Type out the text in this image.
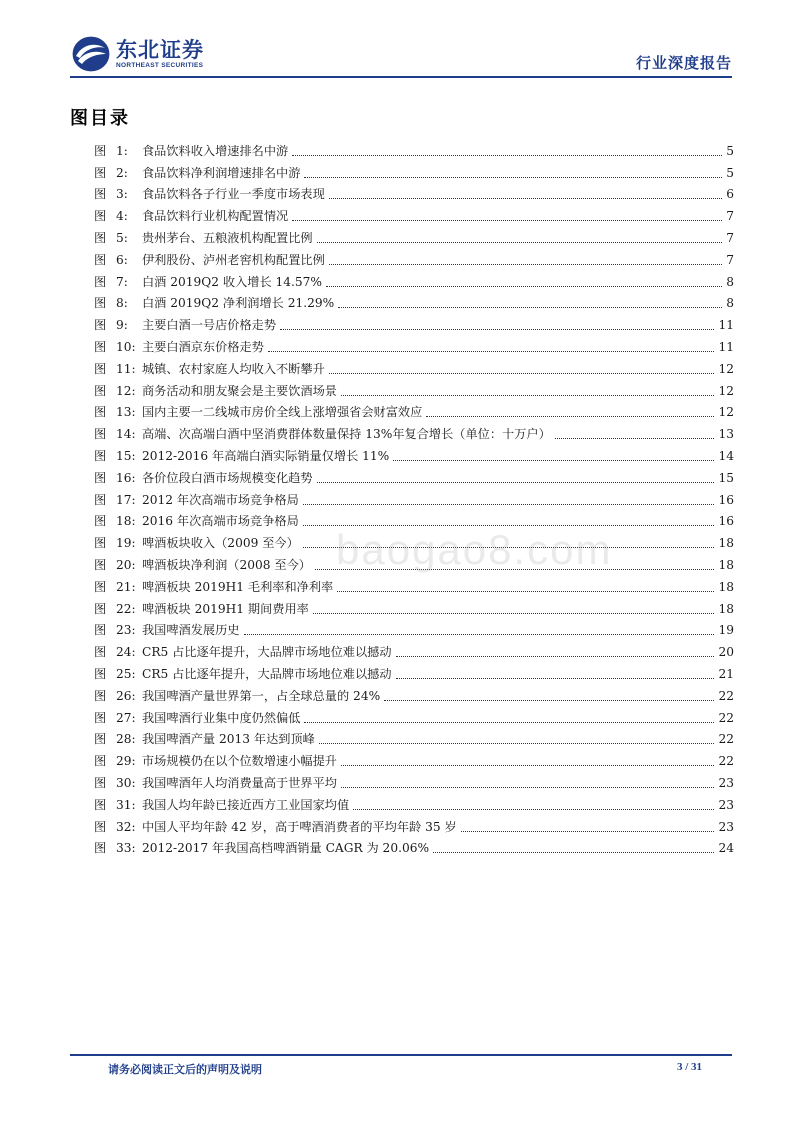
东北证券
NORTHEAST SECURITIES	行业深度报告
图目录
图 1: 食品饮料收入增速排名中游	5
图 2: 食品饮料净利润增速排名中游	5
图 3: 食品饮料各子行业一季度市场表现	6
图 4: 食品饮料行业机构配置情况	7
图 5: 贵州茅台、五粮液机构配置比例	7
图 6: 伊利股份、泸州老窖机构配置比例	7
图 7: 白酒 2019Q2 收入增长 14.57%	8
图 8: 白酒 2019Q2 净利润增长 21.29%	8
图 9: 主要白酒一号店价格走势	11
图 10: 主要白酒京东价格走势	11
图 11: 城镇、农村家庭人均收入不断攀升	12
图 12: 商务活动和朋友聚会是主要饮酒场景	12
图 13: 国内主要一二线城市房价全线上涨增强省会财富效应	12
图 14: 高端、次高端白酒中坚消费群体数量保持 13%年复合增长（单位：十万户）	13
图 15: 2012-2016 年高端白酒实际销量仅增长 11%	14
图 16: 各价位段白酒市场规模变化趋势	15
图 17: 2012 年次高端市场竞争格局	16
图 18: 2016 年次高端市场竞争格局	16
图 19: 啤酒板块收入（2009 至今）	18
图 20: 啤酒板块净利润（2008 至今）	18
图 21: 啤酒板块 2019H1 毛利率和净利率	18
图 22: 啤酒板块 2019H1 期间费用率	18
图 23: 我国啤酒发展历史	19
图 24: CR5 占比逐年提升，大品牌市场地位难以撼动	20
图 25: CR5 占比逐年提升，大品牌市场地位难以撼动	21
图 26: 我国啤酒产量世界第一，占全球总量的 24%	22
图 27: 我国啤酒行业集中度仍然偏低	22
图 28: 我国啤酒产量 2013 年达到顶峰	22
图 29: 市场规模仍在以个位数增速小幅提升	22
图 30: 我国啤酒年人均消费量高于世界平均	23
图 31: 我国人均年龄已接近西方工业国家均值	23
图 32: 中国人平均年龄 42 岁，高于啤酒消费者的平均年龄 35 岁	23
图 33: 2012-2017 年我国高档啤酒销量 CAGR 为 20.06%	24
baogao8.com
请务必阅读正文后的声明及说明	3 / 31
